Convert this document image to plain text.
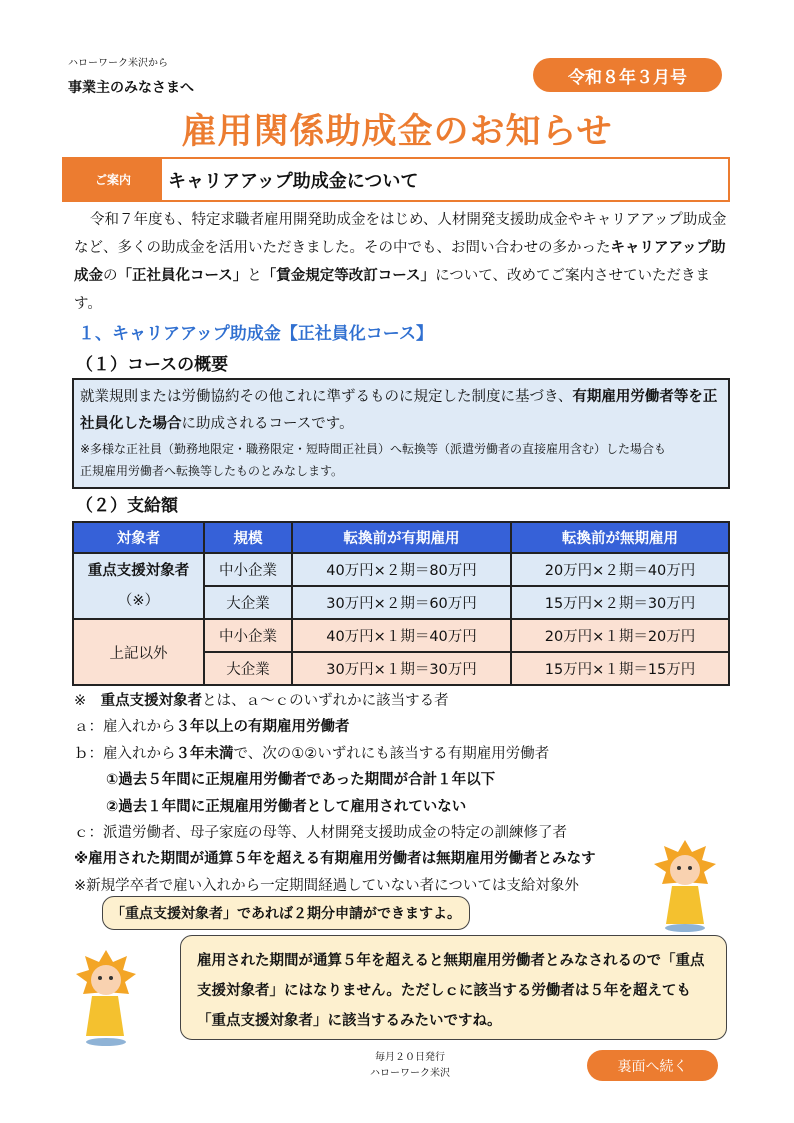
ハローワーク米沢から
事業主のみなさまへ
令和８年３月号
雇用関係助成金のお知らせ
ご案内	キャリアアップ助成金について
令和７年度も、特定求職者雇用開発助成金をはじめ、人材開発支援助成金やキャリアアップ助成金など、多くの助成金を活用いただきました。その中でも、お問い合わせの多かったキャリアアップ助成金の「正社員化コース」と「賃金規定等改訂コース」について、改めてご案内させていただきます。
１、キャリアアップ助成金【正社員化コース】
（１）コースの概要
就業規則または労働協約その他これに準ずるものに規定した制度に基づき、有期雇用労働者等を正社員化した場合に助成されるコースです。
※多様な正社員（勤務地限定・職務限定・短時間正社員）へ転換等（派遣労働者の直接雇用含む）した場合も
正規雇用労働者へ転換等したものとみなします。
（２）支給額
対象者	規模	転換前が有期雇用	転換前が無期雇用
重点支援対象者
（※）	中小企業	40万円×２期＝80万円	20万円×２期＝40万円
	大企業	30万円×２期＝60万円	15万円×２期＝30万円
上記以外	中小企業	40万円×１期＝40万円	20万円×１期＝20万円
	大企業	30万円×１期＝30万円	15万円×１期＝15万円
※　重点支援対象者とは、ａ～ｃのいずれかに該当する者
ａ：雇入れから３年以上の有期雇用労働者
ｂ：雇入れから３年未満で、次の①②いずれにも該当する有期雇用労働者
①過去５年間に正規雇用労働者であった期間が合計１年以下
②過去１年間に正規雇用労働者として雇用されていない
ｃ：派遣労働者、母子家庭の母等、人材開発支援助成金の特定の訓練修了者
※雇用された期間が通算５年を超える有期雇用労働者は無期雇用労働者とみなす
※新規学卒者で雇い入れから一定期間経過していない者については支給対象外
「重点支援対象者」であれば２期分申請ができますよ。
雇用された期間が通算５年を超えると無期雇用労働者とみなされるので「重点支援対象者」にはなりません。ただしｃに該当する労働者は５年を超えても「重点支援対象者」に該当するみたいですね。
毎月２０日発行
ハローワーク米沢	裏面へ続く
